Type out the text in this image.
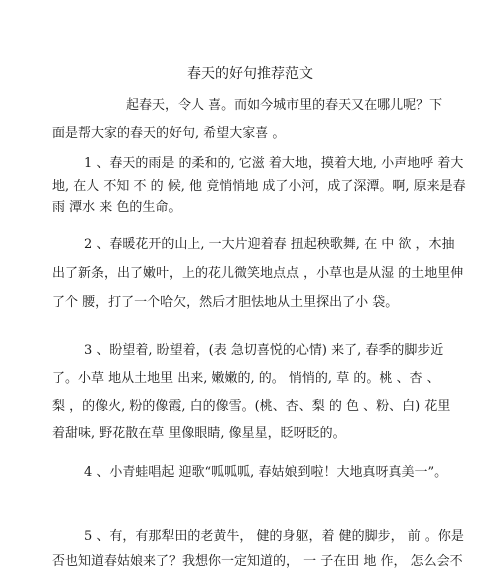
春天的好句推荐范文
起春天，令人 喜。而如今城市里的春天又在哪儿呢？下
面是帮大家的春天的好句, 希望大家喜 。
1 、春天的雨是 的柔和的, 它滋 着大地，摸着大地, 小声地呼 着大
地, 在人 不知 不 的 候, 他 竟悄悄地 成了小河，成了深潭。啊, 原来是春
雨 潭水 来 色的生命。
2 、春暖花开的山上, 一大片迎着春 扭起秧歌舞, 在 中 欲 ，木抽
出了新条，出了嫩叶，上的花儿微笑地点点 ，小草也是从湿 的土地里伸
了个 腰，打了一个哈欠，然后才胆怯地从土里探出了小 袋。
3 、盼望着, 盼望着，(表 急切喜悦的心情) 来了, 春季的脚步近
了。小草 地从土地里 出来, 嫩嫩的, 的。 悄悄的, 草 的。桃 、杏 、
梨 ，的像火, 粉的像霞, 白的像雪。(桃、杏、梨 的 色 、粉、白) 花里
着甜味, 野花散在草 里像眼睛, 像星星，眨呀眨的。
4 、小青蛙唱起 迎歌“呱呱呱, 春姑娘到啦！大地真呀真美一”。
5 、有，有那犁田的老黄牛， 健的身躯，着 健的脚步， 前 。你是
否也知道春姑娘来了？我想你一定知道的， 一 子在田 地 作， 怎么会不
